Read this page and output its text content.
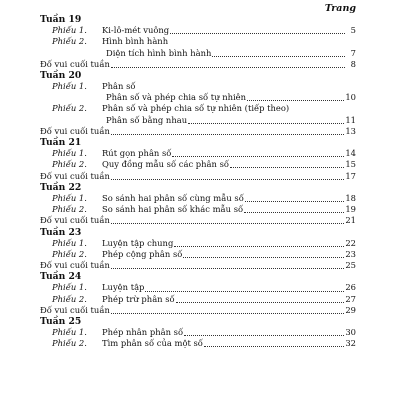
Trang
Tuần 19
Phiếu 1.	Ki-lô-mét vuông	5
Phiếu 2.	Hình bình hành
Diện tích hình bình hành	7
Đố vui cuối tuần	8
Tuần 20
Phiếu 1.	Phân số
Phân số và phép chia số tự nhiên	10
Phiếu 2.	Phân số và phép chia số tự nhiên (tiếp theo)
Phân số bằng nhau	11
Đố vui cuối tuần	13
Tuần 21
Phiếu 1.	Rút gọn phân số	14
Phiếu 2.	Quy đồng mẫu số các phân số	15
Đố vui cuối tuần	17
Tuần 22
Phiếu 1.	So sánh hai phân số cùng mẫu số	18
Phiếu 2.	So sánh hai phân số khác mẫu số	19
Đố vui cuối tuần	21
Tuần 23
Phiếu 1.	Luyện tập chung	22
Phiếu 2.	Phép cộng phân số	23
Đố vui cuối tuần	25
Tuần 24
Phiếu 1.	Luyện tập	26
Phiếu 2.	Phép trừ phân số	27
Đố vui cuối tuần	29
Tuần 25
Phiếu 1.	Phép nhân phân số	30
Phiếu 2.	Tìm phân số của một số	32
